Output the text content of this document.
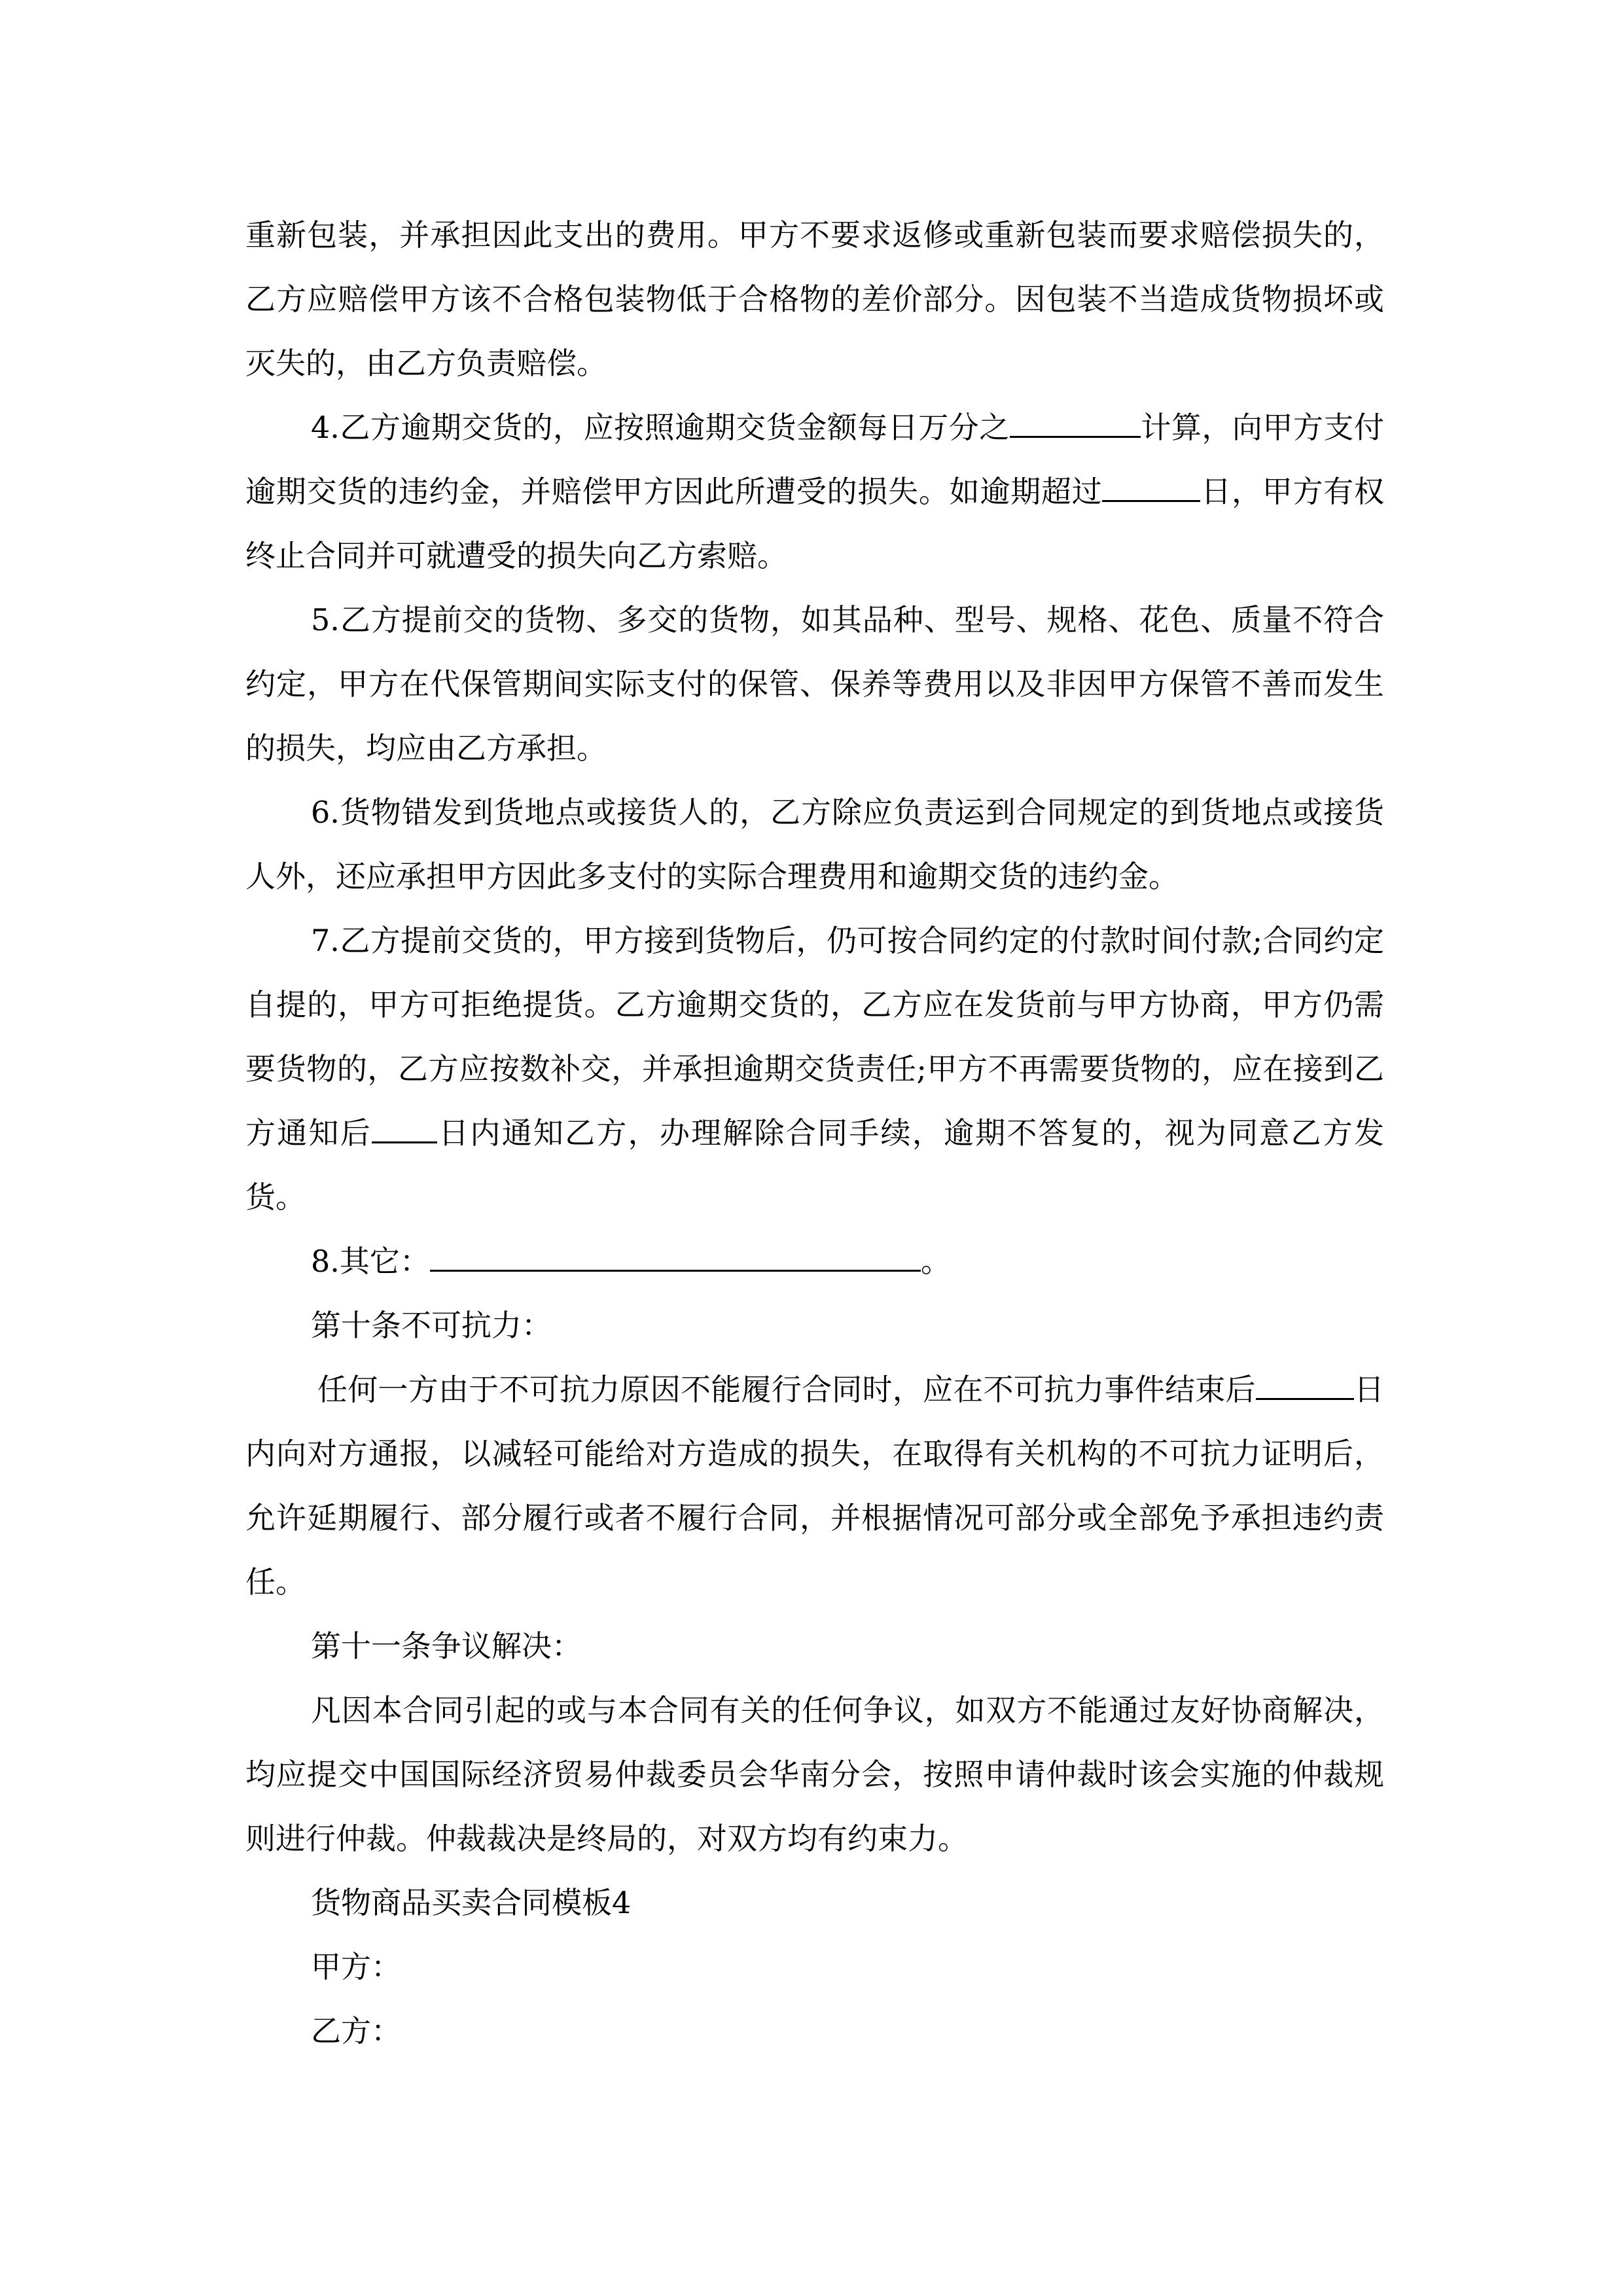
重新包装，并承担因此支出的费用。甲方不要求返修或重新包装而要求赔偿损失的，乙方应赔偿甲方该不合格包装物低于合格物的差价部分。因包装不当造成货物损坏或灭失的，由乙方负责赔偿。

4.乙方逾期交货的，应按照逾期交货金额每日万分之	计算，向甲方支付逾期交货的违约金，并赔偿甲方因此所遭受的损失。如逾期超过	日，甲方有权终止合同并可就遭受的损失向乙方索赔。

5.乙方提前交的货物、多交的货物，如其品种、型号、规格、花色、质量不符合约定，甲方在代保管期间实际支付的保管、保养等费用以及非因甲方保管不善而发生的损失，均应由乙方承担。

6.货物错发到货地点或接货人的，乙方除应负责运到合同规定的到货地点或接货人外，还应承担甲方因此多支付的实际合理费用和逾期交货的违约金。

7.乙方提前交货的，甲方接到货物后，仍可按合同约定的付款时间付款;合同约定自提的，甲方可拒绝提货。乙方逾期交货的，乙方应在发货前与甲方协商，甲方仍需要货物的，乙方应按数补交，并承担逾期交货责任;甲方不再需要货物的，应在接到乙方通知后 日内通知乙方，办理解除合同手续，逾期不答复的，视为同意乙方发货。

8.其它：	。

第十条不可抗力：

任何一方由于不可抗力原因不能履行合同时，应在不可抗力事件结束后	日内向对方通报，以减轻可能给对方造成的损失，在取得有关机构的不可抗力证明后，允许延期履行、部分履行或者不履行合同，并根据情况可部分或全部免予承担违约责任。

第十一条争议解决：

凡因本合同引起的或与本合同有关的任何争议，如双方不能通过友好协商解决，均应提交中国国际经济贸易仲裁委员会华南分会，按照申请仲裁时该会实施的仲裁规则进行仲裁。仲裁裁决是终局的，对双方均有约束力。

货物商品买卖合同模板4

甲方：

乙方：
